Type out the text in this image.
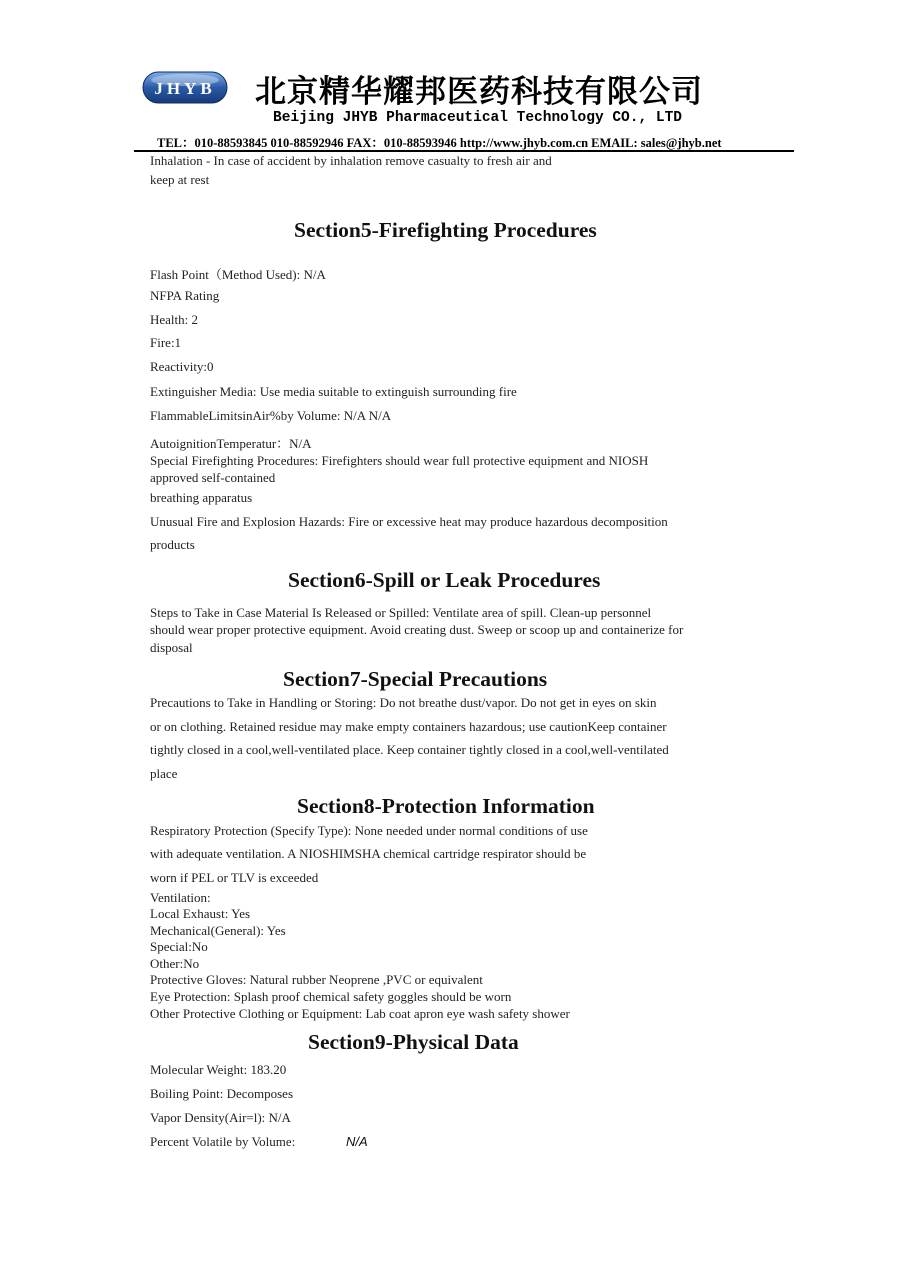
JHYB 北京精华耀邦医药科技有限公司
Beijing JHYB Pharmaceutical Technology CO., LTD
TEL：010-88593845 010-88592946 FAX：010-88593946 http://www.jhyb.com.cn EMAIL: sales@jhyb.net
Inhalation - In case of accident by inhalation remove casualty to fresh air and
keep at rest
Section5-Firefighting Procedures
Flash Point（Method Used): N/A
NFPA Rating
Health: 2
Fire:1
Reactivity:0
Extinguisher Media: Use media suitable to extinguish surrounding fire
FlammableLimitsinAir%by Volume: N/A N/A
AutoignitionTemperatur：N/A
Special Firefighting Procedures: Firefighters should wear full protective equipment and NIOSH
approved self-contained
breathing apparatus
Unusual Fire and Explosion Hazards: Fire or excessive heat may produce hazardous decomposition
products
Section6-Spill or Leak Procedures
Steps to Take in Case Material Is Released or Spilled: Ventilate area of spill. Clean-up personnel
should wear proper protective equipment. Avoid creating dust. Sweep or scoop up and containerize for
disposal
Section7-Special Precautions
Precautions to Take in Handling or Storing: Do not breathe dust/vapor. Do not get in eyes on skin
or on clothing. Retained residue may make empty containers hazardous; use cautionKeep container
tightly closed in a cool,well-ventilated place. Keep container tightly closed in a cool,well-ventilated
place
Section8-Protection Information
Respiratory Protection (Specify Type): None needed under normal conditions of use
with adequate ventilation. A NIOSHIMSHA chemical cartridge respirator should be
worn if PEL or TLV is exceeded
Ventilation:
Local Exhaust: Yes
Mechanical(General): Yes
Special:No
Other:No
Protective Gloves: Natural rubber Neoprene ,PVC or equivalent
Eye Protection: Splash proof chemical safety goggles should be worn
Other Protective Clothing or Equipment: Lab coat apron eye wash safety shower
Section9-Physical Data
Molecular Weight: 183.20
Boiling Point: Decomposes
Vapor Density(Air=l): N/A
Percent Volatile by Volume:	N/A
